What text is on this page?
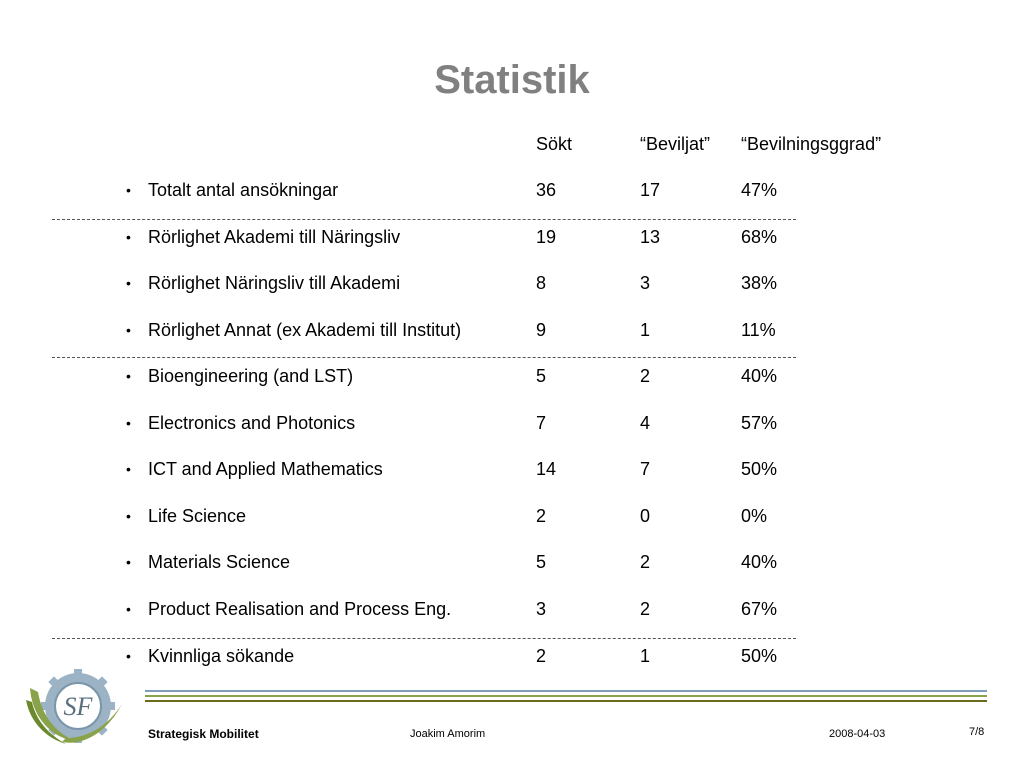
Statistik
Sökt	“Beviljat” “Bevilningsggrad”
• Totalt antal ansökningar	36	17	47%
• Rörlighet Akademi till Näringsliv	19	13	68%
• Rörlighet Näringsliv till Akademi	8	3	38%
• Rörlighet Annat (ex Akademi till Institut)	9	1	11%
• Bioengineering (and LST)	5	2	40%
• Electronics and Photonics	7	4	57%
• ICT and Applied Mathematics	14	7	50%
• Life Science	2	0	0%
• Materials Science	5	2	40%
• Product Realisation and Process Eng.	3	2	67%
• Kvinnliga sökande	2	1	50%
SF
Strategisk Mobilitet	Joakim Amorim	2008-04-03	7/8
